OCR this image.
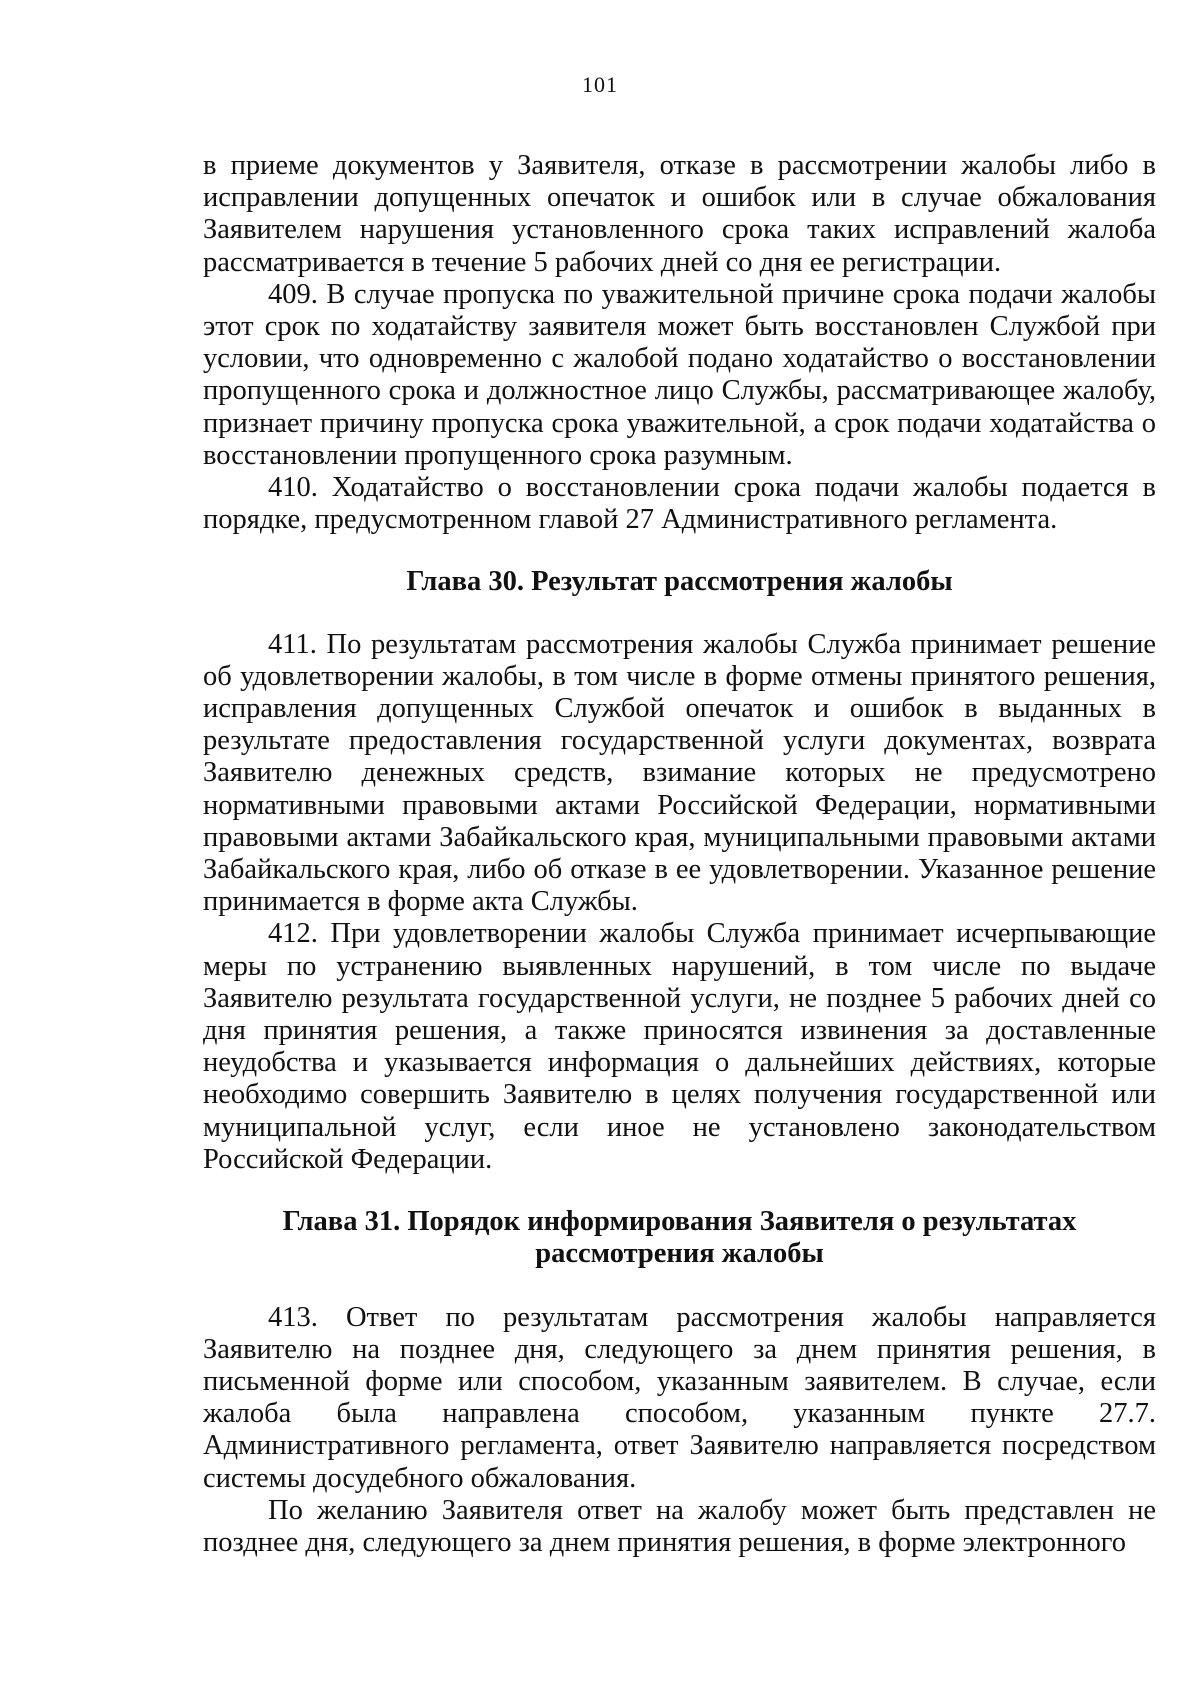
101

в приеме документов у Заявителя, отказе в рассмотрении жалобы либо в исправлении допущенных опечаток и ошибок или в случае обжалования Заявителем нарушения установленного срока таких исправлений жалоба рассматривается в течение 5 рабочих дней со дня ее регистрации.

409. В случае пропуска по уважительной причине срока подачи жалобы этот срок по ходатайству заявителя может быть восстановлен Службой при условии, что одновременно с жалобой подано ходатайство о восстановлении пропущенного срока и должностное лицо Службы, рассматривающее жалобу, признает причину пропуска срока уважительной, а срок подачи ходатайства о восстановлении пропущенного срока разумным.

410. Ходатайство о восстановлении срока подачи жалобы подается в порядке, предусмотренном главой 27 Административного регламента.

Глава 30. Результат рассмотрения жалобы

411. По результатам рассмотрения жалобы Служба принимает решение об удовлетворении жалобы, в том числе в форме отмены принятого решения, исправления допущенных Службой опечаток и ошибок в выданных в результате предоставления государственной услуги документах, возврата Заявителю денежных средств, взимание которых не предусмотрено нормативными правовыми актами Российской Федерации, нормативными правовыми актами Забайкальского края, муниципальными правовыми актами Забайкальского края, либо об отказе в ее удовлетворении. Указанное решение принимается в форме акта Службы.

412. При удовлетворении жалобы Служба принимает исчерпывающие меры по устранению выявленных нарушений, в том числе по выдаче Заявителю результата государственной услуги, не позднее 5 рабочих дней со дня принятия решения, а также приносятся извинения за доставленные неудобства и указывается информация о дальнейших действиях, которые необходимо совершить Заявителю в целях получения государственной или муниципальной услуг, если иное не установлено законодательством Российской Федерации.

Глава 31. Порядок информирования Заявителя о результатах
рассмотрения жалобы

413. Ответ по результатам рассмотрения жалобы направляется Заявителю на позднее дня, следующего за днем принятия решения, в письменной форме или способом, указанным заявителем. В случае, если жалоба была направлена способом, указанным пункте 27.7. Административного регламента, ответ Заявителю направляется посредством системы досудебного обжалования.

По желанию Заявителя ответ на жалобу может быть представлен не позднее дня, следующего за днем принятия решения, в форме электронного
